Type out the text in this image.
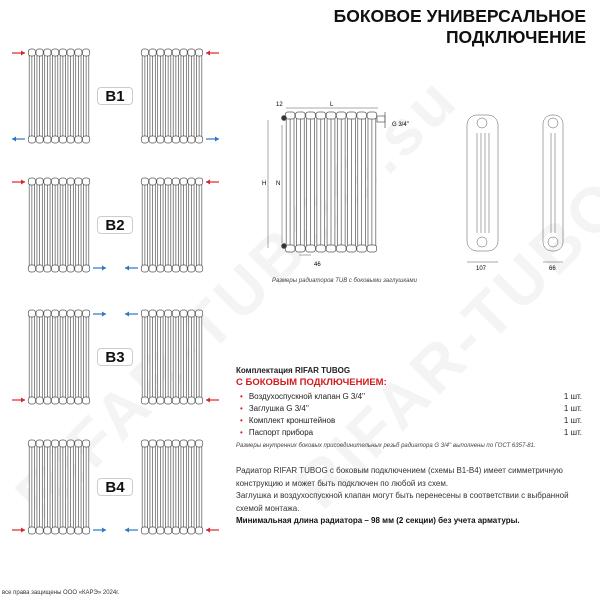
БОКОВОЕ УНИВЕРСАЛЬНОЕ
ПОДКЛЮЧЕНИЕ
B1
B2
B3
B4
12	L
G 3/4''
H N
46
107	66
Размеры радиаторов TUB с боковыми заглушками
Комплектация RIFAR TUBOG
С БОКОВЫМ ПОДКЛЮЧЕНИЕМ:
• Воздухоспускной клапан G 3/4''	1 шт.
• Заглушка G 3/4''	1 шт.
• Комплект кронштейнов	1 шт.
• Паспорт прибора	1 шт.
Размеры внутренних боковых присоединительных резьб радиатора G 3/4'' выполнены по ГОСТ 6357-81.
Радиатор RIFAR TUBOG с боковым подключением (схемы B1-B4) имеет симметричную конструкцию и может быть подключен по любой из схем.
Заглушка и воздухоспускной клапан могут быть перенесены в соответствии с выбранной схемой монтажа.
Минимальная длина радиатора – 98 мм (2 секции) без учета арматуры.
все права защищены ООО «КАРЭ» 2024г.
